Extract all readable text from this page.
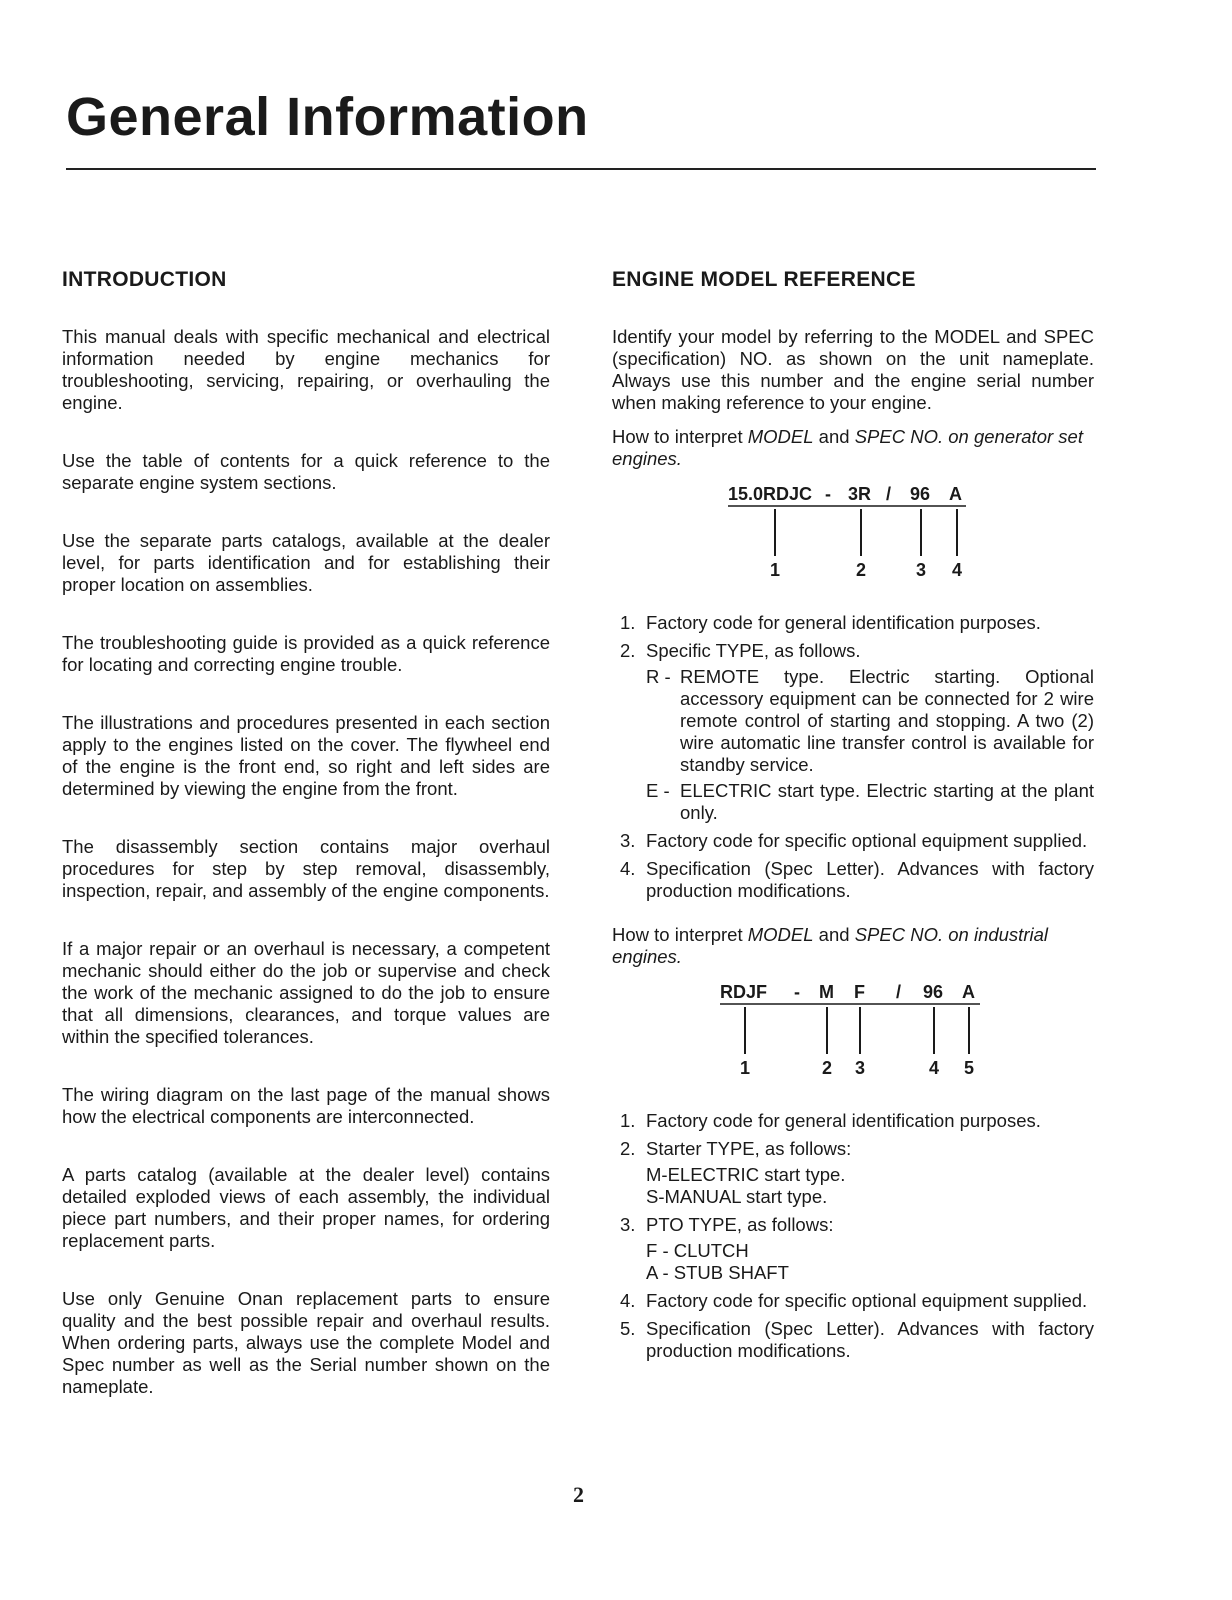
General Information
INTRODUCTION

This manual deals with specific mechanical and electrical information needed by engine mechanics for troubleshooting, servicing, repairing, or overhauling the engine.

Use the table of contents for a quick reference to the separate engine system sections.

Use the separate parts catalogs, available at the dealer level, for parts identification and for establishing their proper location on assemblies.

The troubleshooting guide is provided as a quick reference for locating and correcting engine trouble.

The illustrations and procedures presented in each section apply to the engines listed on the cover. The flywheel end of the engine is the front end, so right and left sides are determined by viewing the engine from the front.

The disassembly section contains major overhaul procedures for step by step removal, disassembly, inspection, repair, and assembly of the engine components.

If a major repair or an overhaul is necessary, a competent mechanic should either do the job or supervise and check the work of the mechanic assigned to do the job to ensure that all dimensions, clearances, and torque values are within the specified tolerances.

The wiring diagram on the last page of the manual shows how the electrical components are interconnected.

A parts catalog (available at the dealer level) contains detailed exploded views of each assembly, the individual piece part numbers, and their proper names, for ordering replacement parts.

Use only Genuine Onan replacement parts to ensure quality and the best possible repair and overhaul results. When ordering parts, always use the complete Model and Spec number as well as the Serial number shown on the nameplate.

ENGINE MODEL REFERENCE

Identify your model by referring to the MODEL and SPEC (specification) NO. as shown on the unit nameplate. Always use this number and the engine serial number when making reference to your engine.

How to interpret MODEL and SPEC NO. on generator set engines.

15.0RDJC - 3R / 96 A
1	2	3 4
1. Factory code for general identification purposes.
2. Specific TYPE, as follows.
R - REMOTE type. Electric starting. Optional accessory equipment can be connected for 2 wire remote control of starting and stopping. A two (2) wire automatic line transfer control is available for standby service.
E - ELECTRIC start type. Electric starting at the plant only.
3. Factory code for specific optional equipment supplied.
4. Specification (Spec Letter). Advances with factory production modifications.

How to interpret MODEL and SPEC NO. on industrial engines.

RDJF - M F / 96 A
1	2 3	4 5
1. Factory code for general identification purposes.
2. Starter TYPE, as follows:
M-ELECTRIC start type.
S-MANUAL start type.
3. PTO TYPE, as follows:
F - CLUTCH
A - STUB SHAFT
4. Factory code for specific optional equipment supplied.
5. Specification (Spec Letter). Advances with factory production modifications.
2
